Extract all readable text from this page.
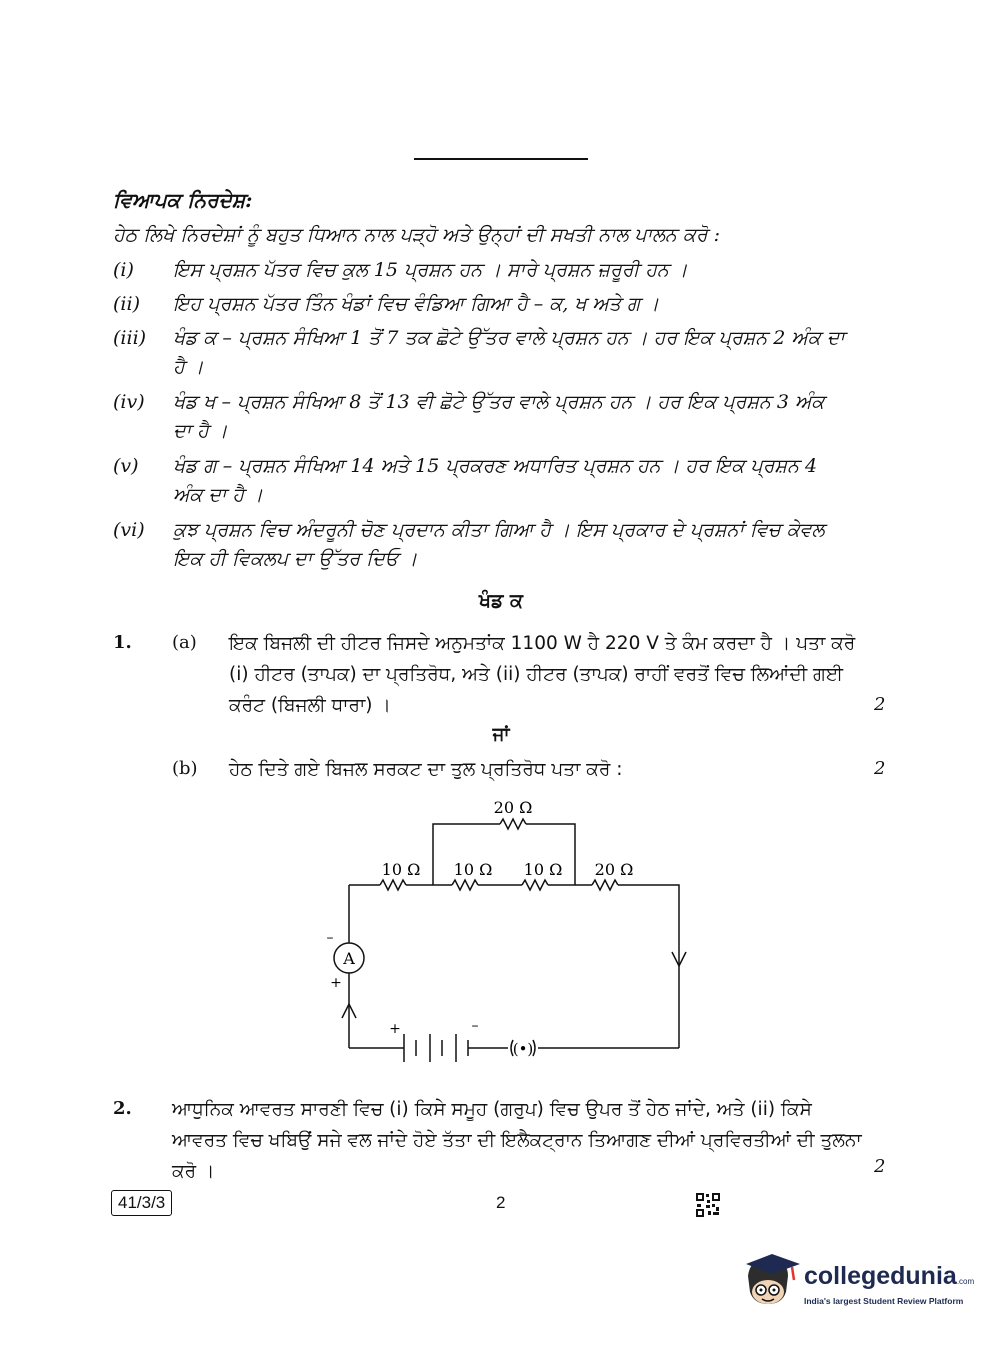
ਵਿਆਪਕ ਨਿਰਦੇਸ਼:
ਹੇਠ ਲਿਖੇ ਨਿਰਦੇਸ਼ਾਂ ਨੂੰ ਬਹੁਤ ਧਿਆਨ ਨਾਲ ਪੜ੍ਹੋ ਅਤੇ ਉਨ੍ਹਾਂ ਦੀ ਸਖਤੀ ਨਾਲ ਪਾਲਨ ਕਰੋ :
(i)	ਇਸ ਪ੍ਰਸ਼ਨ ਪੱਤਰ ਵਿਚ ਕੁਲ 15 ਪ੍ਰਸ਼ਨ ਹਨ । ਸਾਰੇ ਪ੍ਰਸ਼ਨ ਜ਼ਰੂਰੀ ਹਨ ।
(ii)	ਇਹ ਪ੍ਰਸ਼ਨ ਪੱਤਰ ਤਿੰਨ ਖੰਡਾਂ ਵਿਚ ਵੰਡਿਆ ਗਿਆ ਹੈ – ਕ, ਖ ਅਤੇ ਗ ।
(iii)	ਖੰਡ ਕ – ਪ੍ਰਸ਼ਨ ਸੰਖਿਆ 1 ਤੋਂ 7 ਤਕ ਛੋਟੇ ਉੱਤਰ ਵਾਲੇ ਪ੍ਰਸ਼ਨ ਹਨ । ਹਰ ਇਕ ਪ੍ਰਸ਼ਨ 2 ਅੰਕ ਦਾ ਹੈ ।
(iv)	ਖੰਡ ਖ – ਪ੍ਰਸ਼ਨ ਸੰਖਿਆ 8 ਤੋਂ 13 ਵੀ ਛੋਟੇ ਉੱਤਰ ਵਾਲੇ ਪ੍ਰਸ਼ਨ ਹਨ । ਹਰ ਇਕ ਪ੍ਰਸ਼ਨ 3 ਅੰਕ ਦਾ ਹੈ ।
(v)	ਖੰਡ ਗ – ਪ੍ਰਸ਼ਨ ਸੰਖਿਆ 14 ਅਤੇ 15 ਪ੍ਰਕਰਣ ਅਧਾਰਿਤ ਪ੍ਰਸ਼ਨ ਹਨ । ਹਰ ਇਕ ਪ੍ਰਸ਼ਨ 4 ਅੰਕ ਦਾ ਹੈ ।
(vi)	ਕੁਝ ਪ੍ਰਸ਼ਨ ਵਿਚ ਅੰਦਰੂਨੀ ਚੋਣ ਪ੍ਰਦਾਨ ਕੀਤਾ ਗਿਆ ਹੈ । ਇਸ ਪ੍ਰਕਾਰ ਦੇ ਪ੍ਰਸ਼ਨਾਂ ਵਿਚ ਕੇਵਲ ਇਕ ਹੀ ਵਿਕਲਪ ਦਾ ਉੱਤਰ ਦਿਓ ।
ਖੰਡ ਕ
1. (a) ਇਕ ਬਿਜਲੀ ਦੀ ਹੀਟਰ ਜਿਸਦੇ ਅਨੁਮਤਾਂਕ 1100 W ਹੈ 220 V ਤੇ ਕੰਮ ਕਰਦਾ ਹੈ । ਪਤਾ ਕਰੋ (i) ਹੀਟਰ (ਤਾਪਕ) ਦਾ ਪ੍ਰਤਿਰੋਧ, ਅਤੇ (ii) ਹੀਟਰ (ਤਾਪਕ) ਰਾਹੀਂ ਵਰਤੋਂ ਵਿਚ ਲਿਆਂਦੀ ਗਈ ਕਰੰਟ (ਬਿਜਲੀ ਧਾਰਾ) ।	2
ਜਾਂ
(b) ਹੇਠ ਦਿਤੇ ਗਏ ਬਿਜਲ ਸਰਕਟ ਦਾ ਤੁਲ ਪ੍ਰਤਿਰੋਧ ਪਤਾ ਕਰੋ :	2
20 Ω
10 Ω 10 Ω 10 Ω 20 Ω
A
–
+
+	–
(•)
2. ਆਧੁਨਿਕ ਆਵਰਤ ਸਾਰਣੀ ਵਿਚ (i) ਕਿਸੇ ਸਮੂਹ (ਗਰੁਪ) ਵਿਚ ਉਪਰ ਤੋਂ ਹੇਠ ਜਾਂਦੇ, ਅਤੇ (ii) ਕਿਸੇ ਆਵਰਤ ਵਿਚ ਖਬਿਉਂ ਸਜੇ ਵਲ ਜਾਂਦੇ ਹੋਏ ਤੱਤਾ ਦੀ ਇਲੈਕਟ੍ਰਾਨ ਤਿਆਗਣ ਦੀਆਂ ਪ੍ਰਵਿਰਤੀਆਂ ਦੀ ਤੁਲਨਾ ਕਰੋ ।	2
41/3/3	2
collegedunia.com
India's largest Student Review Platform
